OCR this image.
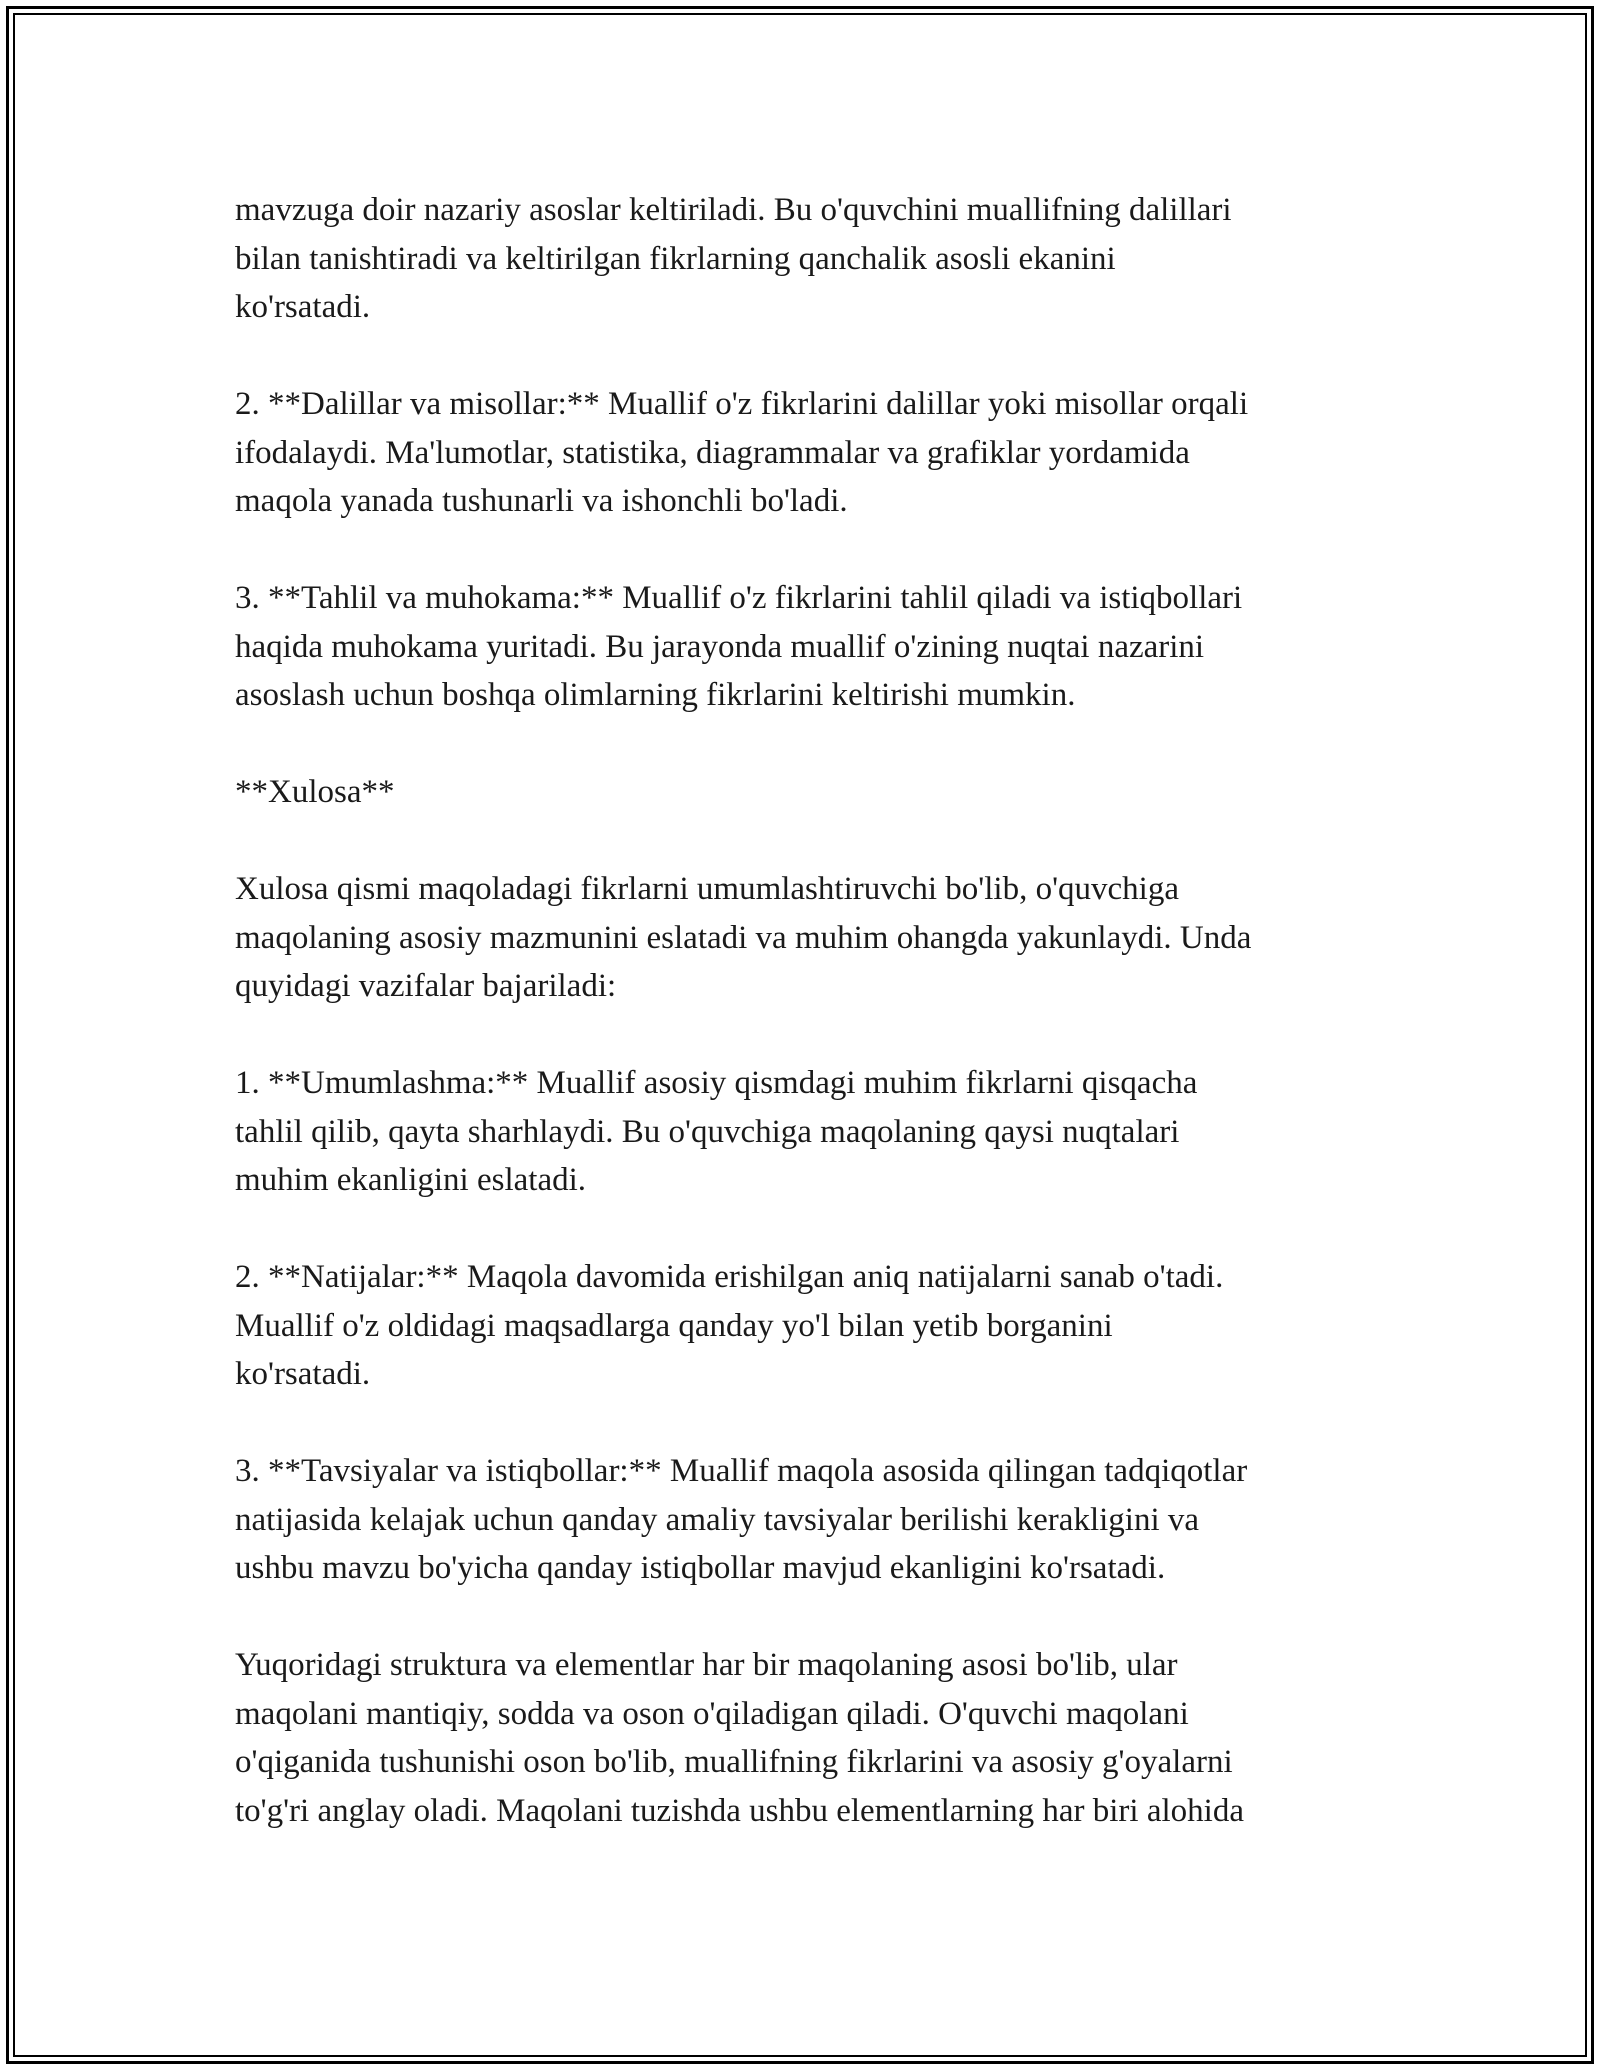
mavzuga doir nazariy asoslar keltiriladi. Bu o'quvchini muallifning dalillari
bilan tanishtiradi va keltirilgan fikrlarning qanchalik asosli ekanini
ko'rsatadi.

2. **Dalillar va misollar:** Muallif o'z fikrlarini dalillar yoki misollar orqali
ifodalaydi. Ma'lumotlar, statistika, diagrammalar va grafiklar yordamida
maqola yanada tushunarli va ishonchli bo'ladi.

3. **Tahlil va muhokama:** Muallif o'z fikrlarini tahlil qiladi va istiqbollari
haqida muhokama yuritadi. Bu jarayonda muallif o'zining nuqtai nazarini
asoslash uchun boshqa olimlarning fikrlarini keltirishi mumkin.

**Xulosa**

Xulosa qismi maqoladagi fikrlarni umumlashtiruvchi bo'lib, o'quvchiga
maqolaning asosiy mazmunini eslatadi va muhim ohangda yakunlaydi. Unda
quyidagi vazifalar bajariladi:

1. **Umumlashma:** Muallif asosiy qismdagi muhim fikrlarni qisqacha
tahlil qilib, qayta sharhlaydi. Bu o'quvchiga maqolaning qaysi nuqtalari
muhim ekanligini eslatadi.

2. **Natijalar:** Maqola davomida erishilgan aniq natijalarni sanab o'tadi.
Muallif o'z oldidagi maqsadlarga qanday yo'l bilan yetib borganini
ko'rsatadi.

3. **Tavsiyalar va istiqbollar:** Muallif maqola asosida qilingan tadqiqotlar
natijasida kelajak uchun qanday amaliy tavsiyalar berilishi kerakligini va
ushbu mavzu bo'yicha qanday istiqbollar mavjud ekanligini ko'rsatadi.

Yuqoridagi struktura va elementlar har bir maqolaning asosi bo'lib, ular
maqolani mantiqiy, sodda va oson o'qiladigan qiladi. O'quvchi maqolani
o'qiganida tushunishi oson bo'lib, muallifning fikrlarini va asosiy g'oyalarni
to'g'ri anglay oladi. Maqolani tuzishda ushbu elementlarning har biri alohida
